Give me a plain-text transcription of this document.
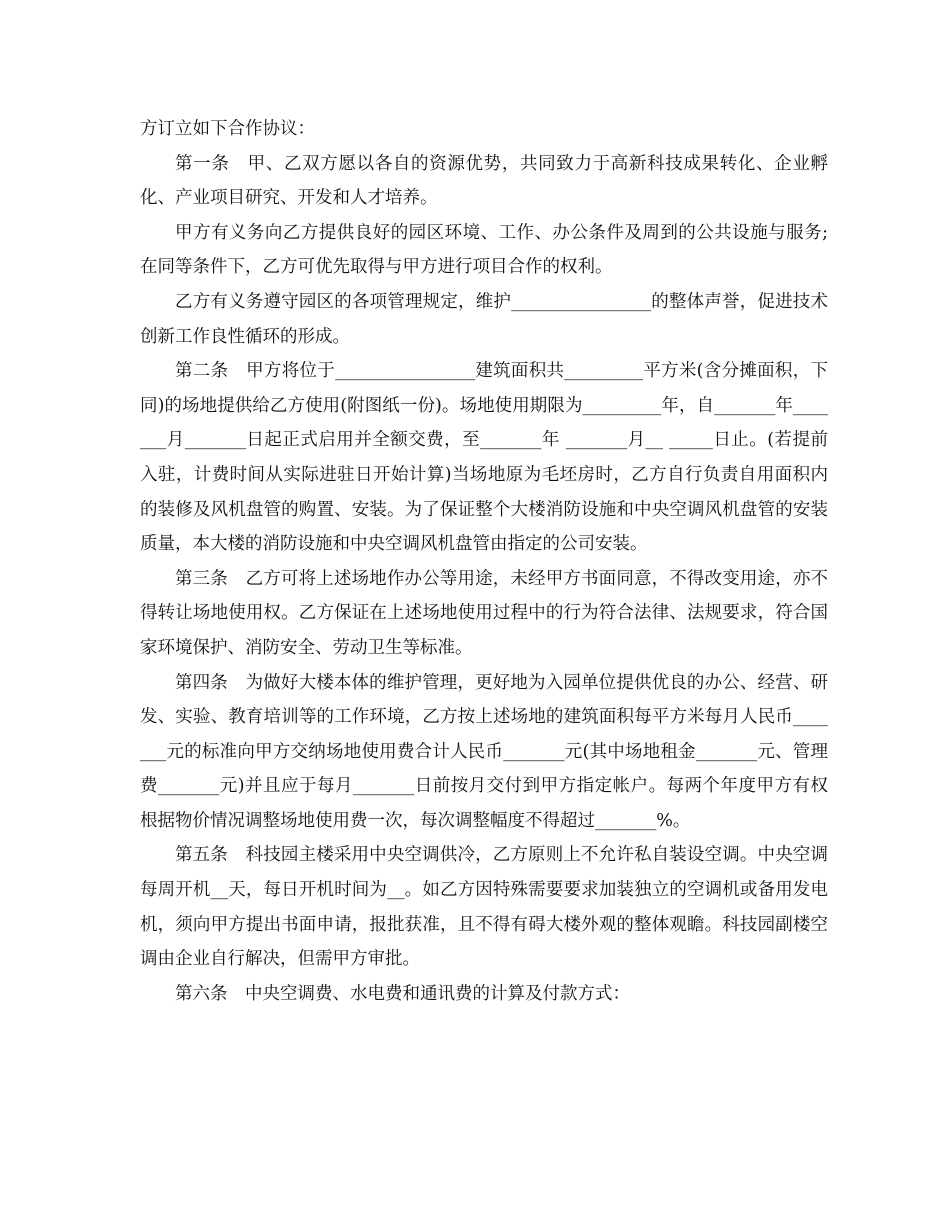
方订立如下合作协议：

第一条　甲、乙双方愿以各自的资源优势，共同致力于高新科技成果转化、企业孵化、产业项目研究、开发和人才培养。

甲方有义务向乙方提供良好的园区环境、工作、办公条件及周到的公共设施与服务;在同等条件下，乙方可优先取得与甲方进行项目合作的权利。

乙方有义务遵守园区的各项管理规定，维护________________的整体声誉，促进技术创新工作良性循环的形成。

第二条　甲方将位于________________建筑面积共_________平方米(含分摊面积，下同)的场地提供给乙方使用(附图纸一份)。场地使用期限为_________年，自_______年_______月_______日起正式启用并全额交费，至_______年 _______月__ _____日止。(若提前入驻，计费时间从实际进驻日开始计算)当场地原为毛坯房时，乙方自行负责自用面积内的装修及风机盘管的购置、安装。为了保证整个大楼消防设施和中央空调风机盘管的安装质量，本大楼的消防设施和中央空调风机盘管由指定的公司安装。

第三条　乙方可将上述场地作办公等用途，未经甲方书面同意，不得改变用途，亦不得转让场地使用权。乙方保证在上述场地使用过程中的行为符合法律、法规要求，符合国家环境保护、消防安全、劳动卫生等标准。

第四条　为做好大楼本体的维护管理，更好地为入园单位提供优良的办公、经营、研发、实验、教育培训等的工作环境，乙方按上述场地的建筑面积每平方米每月人民币_______元的标准向甲方交纳场地使用费合计人民币_______元(其中场地租金_______元、管理费_______元)并且应于每月_______日前按月交付到甲方指定帐户。每两个年度甲方有权根据物价情况调整场地使用费一次，每次调整幅度不得超过_______%。

第五条　科技园主楼采用中央空调供冷，乙方原则上不允许私自装设空调。中央空调每周开机__天，每日开机时间为__。如乙方因特殊需要要求加装独立的空调机或备用发电机，须向甲方提出书面申请，报批获准，且不得有碍大楼外观的整体观瞻。科技园副楼空调由企业自行解决，但需甲方审批。

第六条　中央空调费、水电费和通讯费的计算及付款方式：
